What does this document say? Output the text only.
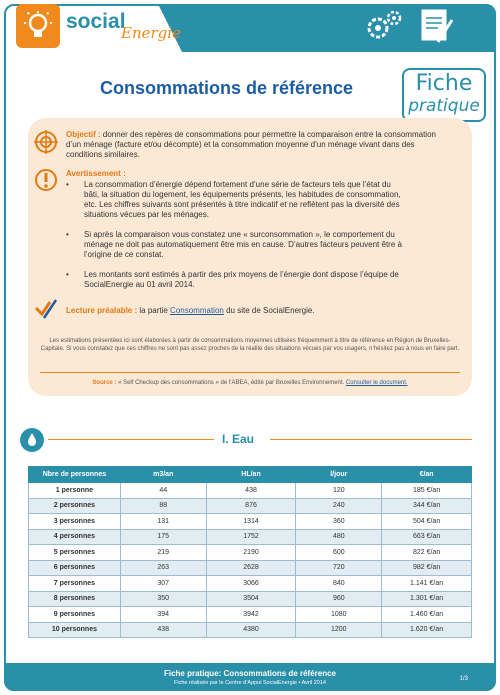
social
Energie
Fiche
pratique
Consommations de référence
Objectif : donner des repères de consommations pour permettre la comparaison entre la consommation d’un ménage (facture et/ou décompte) et la consommation moyenne d’un ménage vivant dans des conditions similaires.
Avertissement :
• La consommation d’énergie dépend fortement d’une série de facteurs tels que l’état du bâti, la situation du logement, les équipements présents, les habitudes de consommation, etc. Les chiffres suivants sont présentés à titre indicatif et ne reflètent pas la diversité des situations vécues par les ménages.
• Si après la comparaison vous constatez une « surconsommation », le comportement du ménage ne doit pas automatiquement être mis en cause. D’autres facteurs peuvent être à l’origine de ce constat.
• Les montants sont estimés à partir des prix moyens de l’énergie dont dispose l’équipe de SocialEnergie au 01 avril 2014.
Lecture préalable : la partie Consommation du site de SocialEnergie.
Les estimations présentées ici sont élaborées à partir de consommations moyennes utilisées fréquemment à titre de référence en Région de Bruxelles-Capitale. Si vous constatez que ces chiffres ne sont pas assez proches de la réalité des situations vécues par vos usagers, n’hésitez pas à nous en faire part.
Source : « Self Checkup des consommations » de l’ABEA, édité par Bruxelles Environnement. Consulter le document.
I. Eau
Nbre de personnes	m3/an	HL/an	l/jour	€/an
1 personne	44	438	120	185 €/an
2 personnes	88	876	240	344 €/an
3 personnes	131	1314	360	504 €/an
4 personnes	175	1752	480	663 €/an
5 personnes	219	2190	600	822 €/an
6 personnes	263	2628	720	982 €/an
7 personnes	307	3066	840	1.141 €/an
8 personnes	350	3504	960	1.301 €/an
9 personnes	394	3942	1080	1.460 €/an
10 personnes	438	4380	1200	1.620 €/an
Fiche pratique: Consommations de référence
Fiche réalisée par le Centre d’Appui SocialEnergie • Avril 2014
1/3
